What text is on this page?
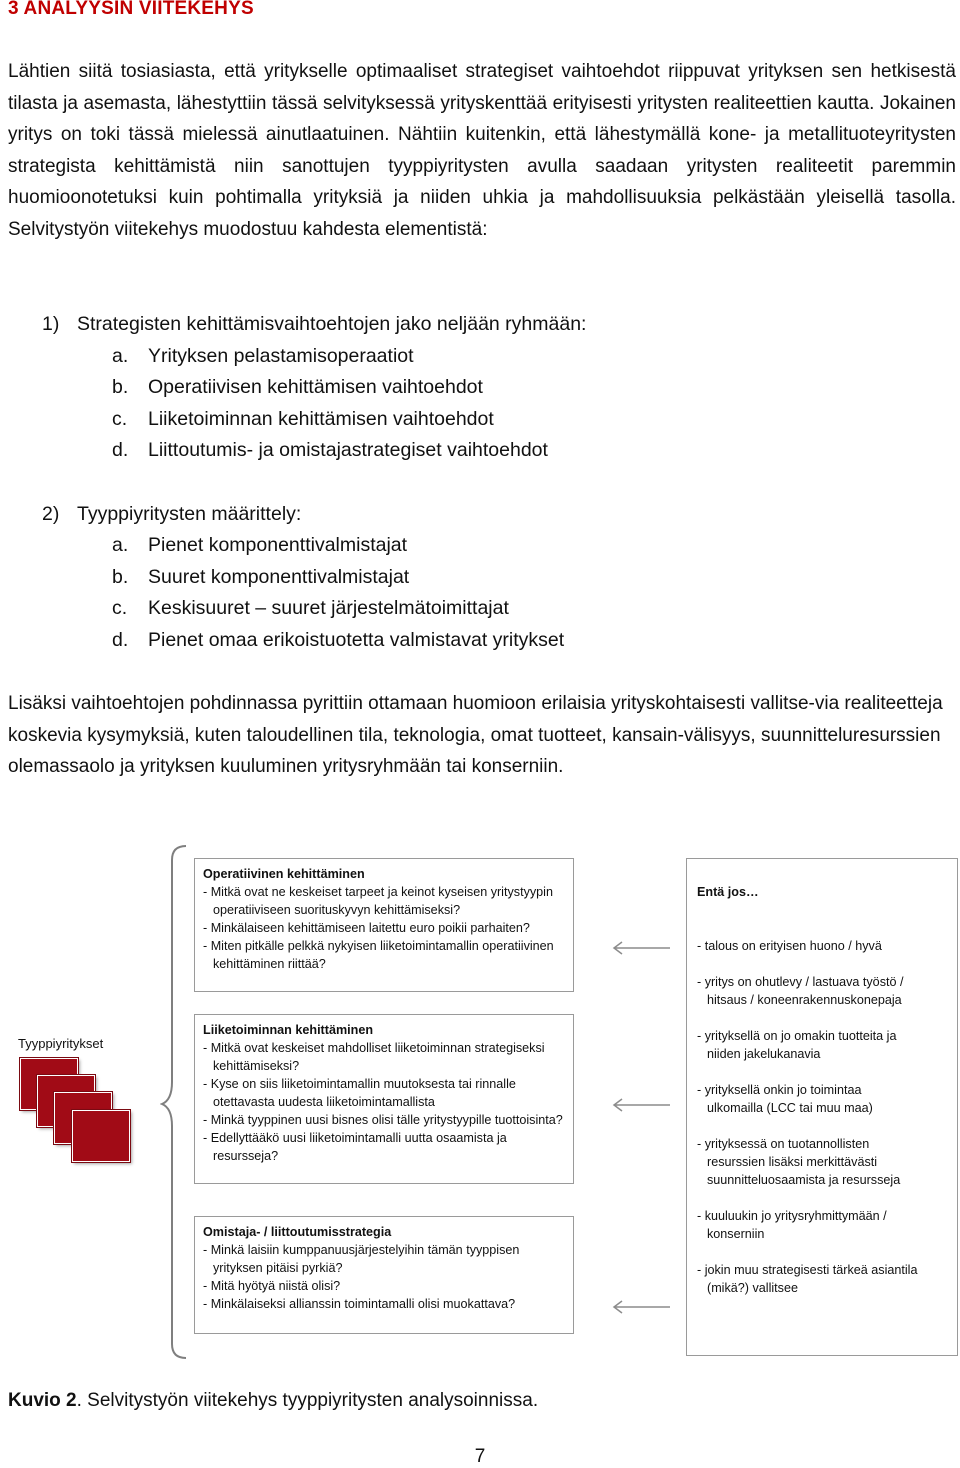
3 ANALYYSIN VIITEKEHYS
Lähtien siitä tosiasiasta, että yritykselle optimaaliset strategiset vaihtoehdot riippuvat yrityksen sen hetkisestä tilasta ja asemasta, lähestyttiin tässä selvityksessä yrityskenttää erityisesti yritysten realiteettien kautta. Jokainen yritys on toki tässä mielessä ainutlaatuinen. Nähtiin kuitenkin, että lähestymällä kone- ja metallituoteyritysten strategista kehittämistä niin sanottujen tyyppiyritysten avulla saadaan yritysten realiteetit paremmin huomioonotetuksi kuin pohtimalla yrityksiä ja niiden uhkia ja mahdollisuuksia pelkästään yleisellä tasolla. Selvitystyön viitekehys muodostuu kahdesta elementistä:
1) Strategisten kehittämisvaihtoehtojen jako neljään ryhmään:
a. Yrityksen pelastamisoperaatiot
b. Operatiivisen kehittämisen vaihtoehdot
c. Liiketoiminnan kehittämisen vaihtoehdot
d. Liittoutumis- ja omistajastrategiset vaihtoehdot
2) Tyyppiyritysten määrittely:
a. Pienet komponenttivalmistajat
b. Suuret komponenttivalmistajat
c. Keskisuuret – suuret järjestelmätoimittajat
d. Pienet omaa erikoistuotetta valmistavat yritykset
Lisäksi vaihtoehtojen pohdinnassa pyrittiin ottamaan huomioon erilaisia yrityskohtaisesti vallitse-via realiteetteja koskevia kysymyksiä, kuten taloudellinen tila, teknologia, omat tuotteet, kansain-välisyys, suunnitteluresurssien olemassaolo ja yrityksen kuuluminen yritysryhmään tai konserniin.
Tyyppiyritykset
Operatiivinen kehittäminen
- Mitkä ovat ne keskeiset tarpeet ja keinot kyseisen yritystyypin operatiiviseen suorituskyvyn kehittämiseksi?
- Minkälaiseen kehittämiseen laitettu euro poikii parhaiten?
- Miten pitkälle pelkkä nykyisen liiketoimintamallin operatiivinen kehittäminen riittää?
Liiketoiminnan kehittäminen
- Mitkä ovat keskeiset mahdolliset liiketoiminnan strategiseksi kehittämiseksi?
- Kyse on siis liiketoimintamallin muutoksesta tai rinnalle otettavasta uudesta liiketoimintamallista
- Minkä tyyppinen uusi bisnes olisi tälle yritystyypille tuottoisinta?
- Edellyttääkö uusi liiketoimintamalli uutta osaamista ja resursseja?
Omistaja- / liittoutumisstrategia
- Minkä laisiin kumppanuusjärjestelyihin tämän tyyppisen yrityksen pitäisi pyrkiä?
- Mitä hyötyä niistä olisi?
- Minkälaiseksi allianssin toimintamalli olisi muokattava?
Entä jos…
- talous on erityisen huono / hyvä
- yritys on ohutlevy / lastuava työstö /
hitsaus / koneenrakennuskonepaja
- yrityksellä on jo omakin tuotteita ja
niiden jakelukanavia
- yrityksellä onkin jo toimintaa
ulkomailla (LCC tai muu maa)
- yrityksessä on tuotannollisten
resurssien lisäksi merkittävästi
suunnitteluosaamista ja resursseja
- kuuluukin jo yritysryhmittymään /
konserniin
- jokin muu strategisesti tärkeä asiantila
(mikä?) vallitsee
Kuvio 2. Selvitystyön viitekehys tyyppiyritysten analysoinnissa.
7
